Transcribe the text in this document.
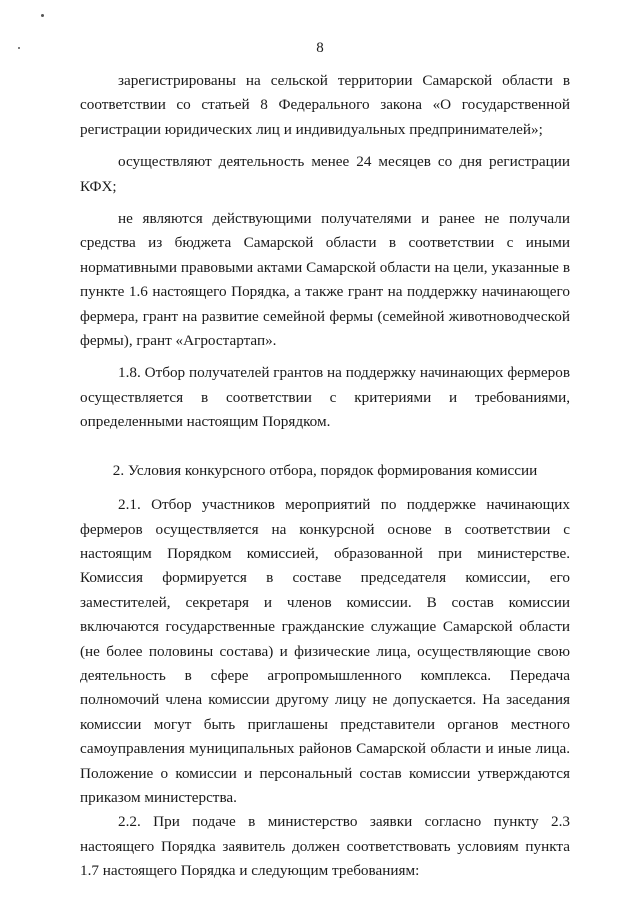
8

зарегистрированы на сельской территории Самарской области в соответствии со статьей 8 Федерального закона «О государственной регистрации юридических лиц и индивидуальных предпринимателей»;

осуществляют деятельность менее 24 месяцев со дня регистрации КФХ;

не являются действующими получателями и ранее не получали средства из бюджета Самарской области в соответствии с иными нормативными правовыми актами Самарской области на цели, указанные в пункте 1.6 настоящего Порядка, а также грант на поддержку начинающего фермера, грант на развитие семейной фермы (семейной животноводческой фермы), грант «Агростартап».

1.8. Отбор получателей грантов на поддержку начинающих фермеров осуществляется в соответствии с критериями и требованиями, определенными настоящим Порядком.

2. Условия конкурсного отбора, порядок формирования комиссии

2.1. Отбор участников мероприятий по поддержке начинающих фермеров осуществляется на конкурсной основе в соответствии с настоящим Порядком комиссией, образованной при министерстве. Комиссия формируется в составе председателя комиссии, его заместителей, секретаря и членов комиссии. В состав комиссии включаются государственные гражданские служащие Самарской области (не более половины состава) и физические лица, осуществляющие свою деятельность в сфере агропромышленного комплекса. Передача полномочий члена комиссии другому лицу не допускается. На заседания комиссии могут быть приглашены представители органов местного самоуправления муниципальных районов Самарской области и иные лица. Положение о комиссии и персональный состав комиссии утверждаются приказом министерства.

2.2. При подаче в министерство заявки согласно пункту 2.3 настоящего Порядка заявитель должен соответствовать условиям пункта 1.7 настоящего Порядка и следующим требованиям:
